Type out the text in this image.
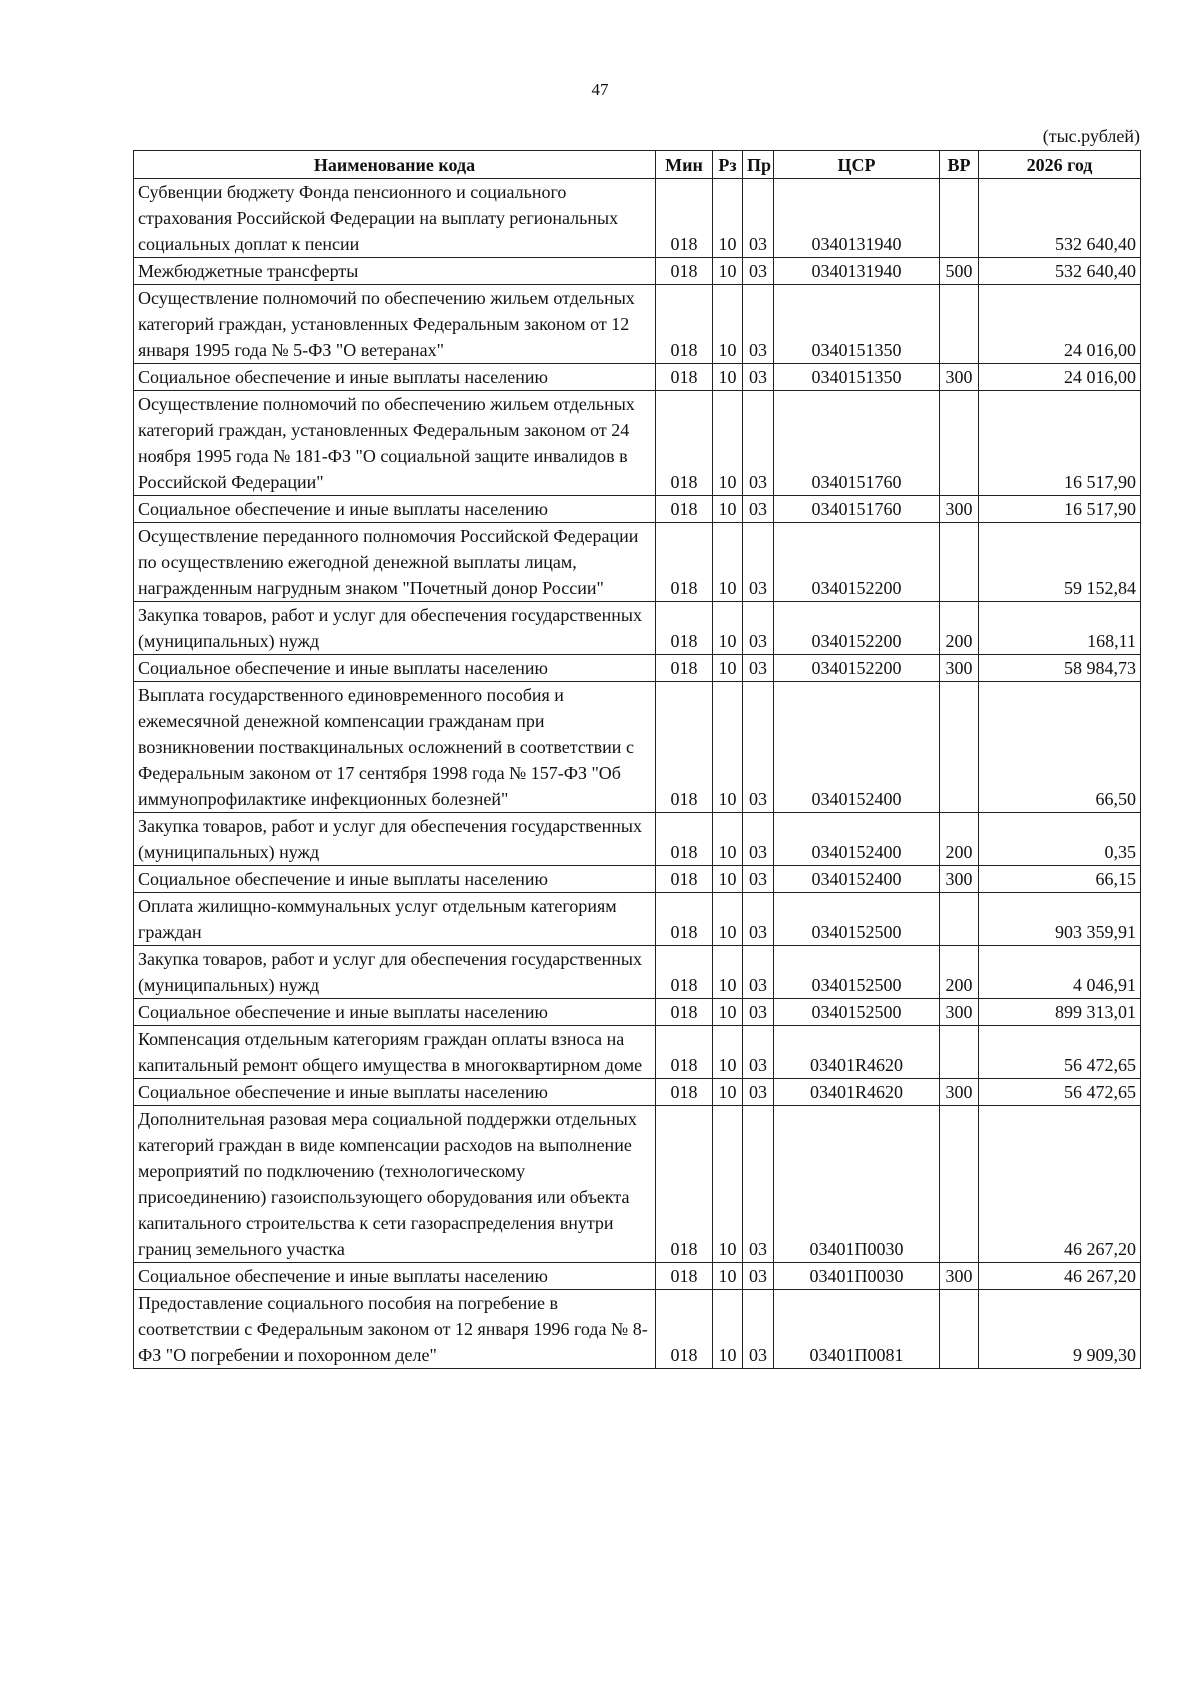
47
(тыс.рублей)
Наименование кода	Мин	Рз	Пр	ЦСР	ВР	2026 год
Субвенции бюджету Фонда пенсионного и социального страхования Российской Федерации на выплату региональных социальных доплат к пенсии	018	10	03	0340131940		532 640,40
Межбюджетные трансферты	018	10	03	0340131940	500	532 640,40
Осуществление полномочий по обеспечению жильем отдельных категорий граждан, установленных Федеральным законом от 12 января 1995 года № 5-ФЗ "О ветеранах"	018	10	03	0340151350		24 016,00
Социальное обеспечение и иные выплаты населению	018	10	03	0340151350	300	24 016,00
Осуществление полномочий по обеспечению жильем отдельных категорий граждан, установленных Федеральным законом от 24 ноября 1995 года № 181-ФЗ "О социальной защите инвалидов в Российской Федерации"	018	10	03	0340151760		16 517,90
Социальное обеспечение и иные выплаты населению	018	10	03	0340151760	300	16 517,90
Осуществление переданного полномочия Российской Федерации по осуществлению ежегодной денежной выплаты лицам, награжденным нагрудным знаком "Почетный донор России"	018	10	03	0340152200		59 152,84
Закупка товаров, работ и услуг для обеспечения государственных (муниципальных) нужд	018	10	03	0340152200	200	168,11
Социальное обеспечение и иные выплаты населению	018	10	03	0340152200	300	58 984,73
Выплата государственного единовременного пособия и ежемесячной денежной компенсации гражданам при возникновении поствакцинальных осложнений в соответствии с Федеральным законом от 17 сентября 1998 года № 157-ФЗ "Об иммунопрофилактике инфекционных болезней"	018	10	03	0340152400		66,50
Закупка товаров, работ и услуг для обеспечения государственных (муниципальных) нужд	018	10	03	0340152400	200	0,35
Социальное обеспечение и иные выплаты населению	018	10	03	0340152400	300	66,15
Оплата жилищно-коммунальных услуг отдельным категориям граждан	018	10	03	0340152500		903 359,91
Закупка товаров, работ и услуг для обеспечения государственных (муниципальных) нужд	018	10	03	0340152500	200	4 046,91
Социальное обеспечение и иные выплаты населению	018	10	03	0340152500	300	899 313,01
Компенсация отдельным категориям граждан оплаты взноса на капитальный ремонт общего имущества в многоквартирном доме	018	10	03	03401R4620		56 472,65
Социальное обеспечение и иные выплаты населению	018	10	03	03401R4620	300	56 472,65
Дополнительная разовая мера социальной поддержки отдельных категорий граждан в виде компенсации расходов на выполнение мероприятий по подключению (технологическому присоединению) газоиспользующего оборудования или объекта капитального строительства к сети газораспределения внутри границ земельного участка	018	10	03	03401П0030		46 267,20
Социальное обеспечение и иные выплаты населению	018	10	03	03401П0030	300	46 267,20
Предоставление социального пособия на погребение в соответствии с Федеральным законом от 12 января 1996 года № 8-ФЗ "О погребении и похоронном деле"	018	10	03	03401П0081		9 909,30
